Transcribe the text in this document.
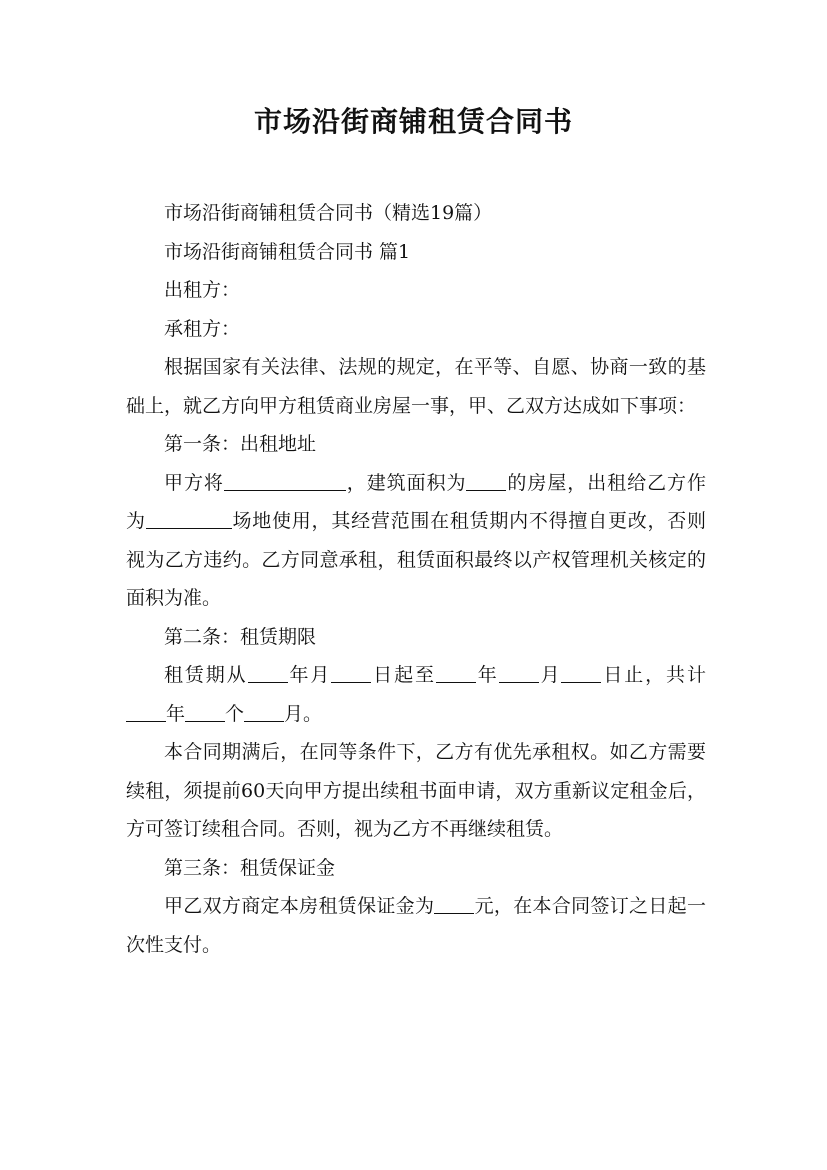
市场沿街商铺租赁合同书

市场沿街商铺租赁合同书（精选19篇）

市场沿街商铺租赁合同书 篇1

出租方：

承租方：

根据国家有关法律、法规的规定，在平等、自愿、协商一致的基础上，就乙方向甲方租赁商业房屋一事，甲、乙双方达成如下事项：

第一条：出租地址

甲方将	，建筑面积为 的房屋，出租给乙方作为	场地使用，其经营范围在租赁期内不得擅自更改，否则视为乙方违约。乙方同意承租，租赁面积最终以产权管理机关核定的面积为准。

第二条：租赁期限

租赁期从 年月 日起至 年 月 日止，共计年 个 月。

本合同期满后，在同等条件下，乙方有优先承租权。如乙方需要续租，须提前60天向甲方提出续租书面申请，双方重新议定租金后，方可签订续租合同。否则，视为乙方不再继续租赁。

第三条：租赁保证金

甲乙双方商定本房租赁保证金为 元，在本合同签订之日起一次性支付。
